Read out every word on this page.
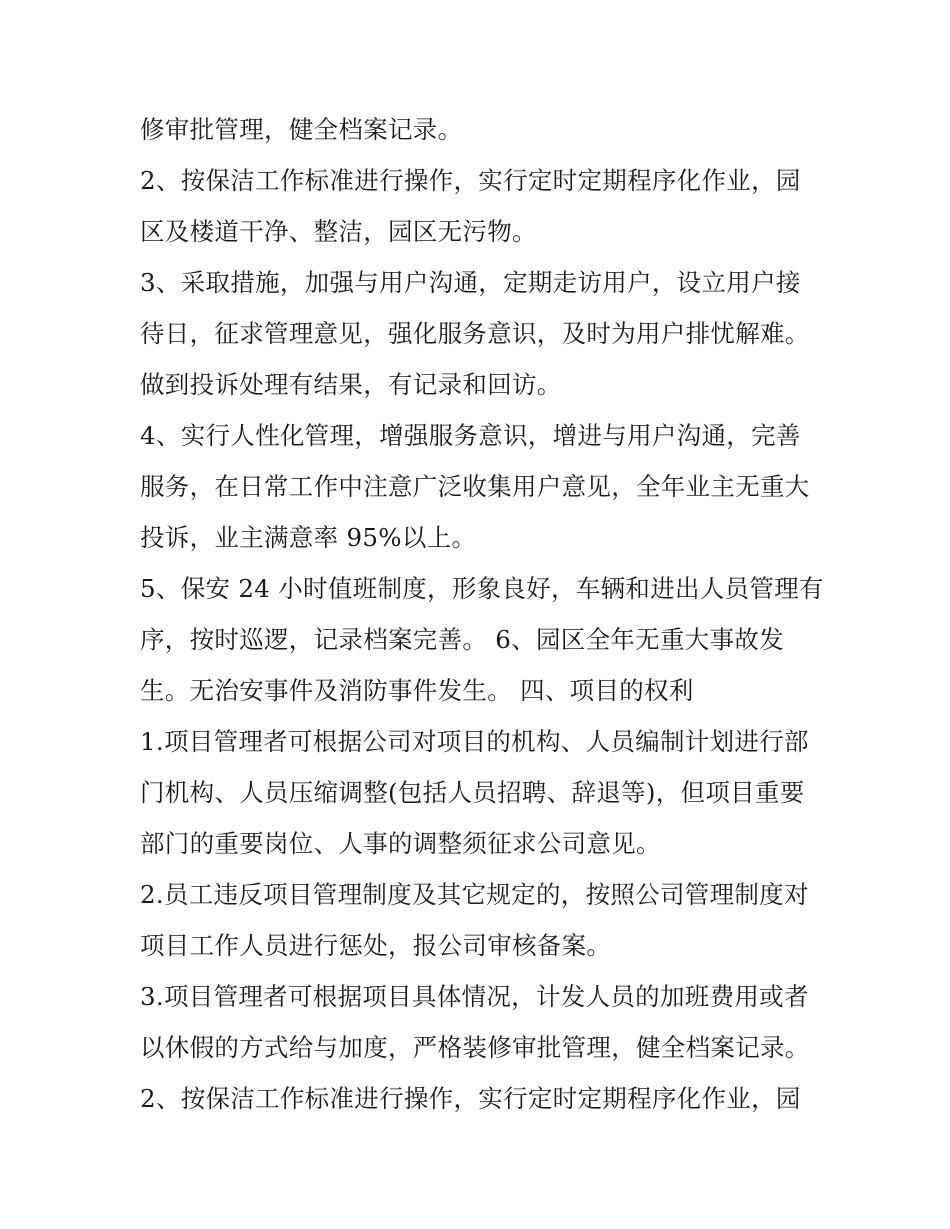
修审批管理，健全档案记录。
2、按保洁工作标准进行操作，实行定时定期程序化作业，园
区及楼道干净、整洁，园区无污物。
3、采取措施，加强与用户沟通，定期走访用户，设立用户接
待日，征求管理意见，强化服务意识，及时为用户排忧解难。
做到投诉处理有结果，有记录和回访。
4、实行人性化管理，增强服务意识，增进与用户沟通，完善
服务，在日常工作中注意广泛收集用户意见，全年业主无重大
投诉，业主满意率 95%以上。
5、保安 24 小时值班制度，形象良好，车辆和进出人员管理有
序，按时巡逻，记录档案完善。 6、园区全年无重大事故发
生。无治安事件及消防事件发生。 四、项目的权利
1.项目管理者可根据公司对项目的机构、人员编制计划进行部
门机构、人员压缩调整(包括人员招聘、辞退等)，但项目重要
部门的重要岗位、人事的调整须征求公司意见。
2.员工违反项目管理制度及其它规定的，按照公司管理制度对
项目工作人员进行惩处，报公司审核备案。
3.项目管理者可根据项目具体情况，计发人员的加班费用或者
以休假的方式给与加度，严格装修审批管理，健全档案记录。
2、按保洁工作标准进行操作，实行定时定期程序化作业，园
